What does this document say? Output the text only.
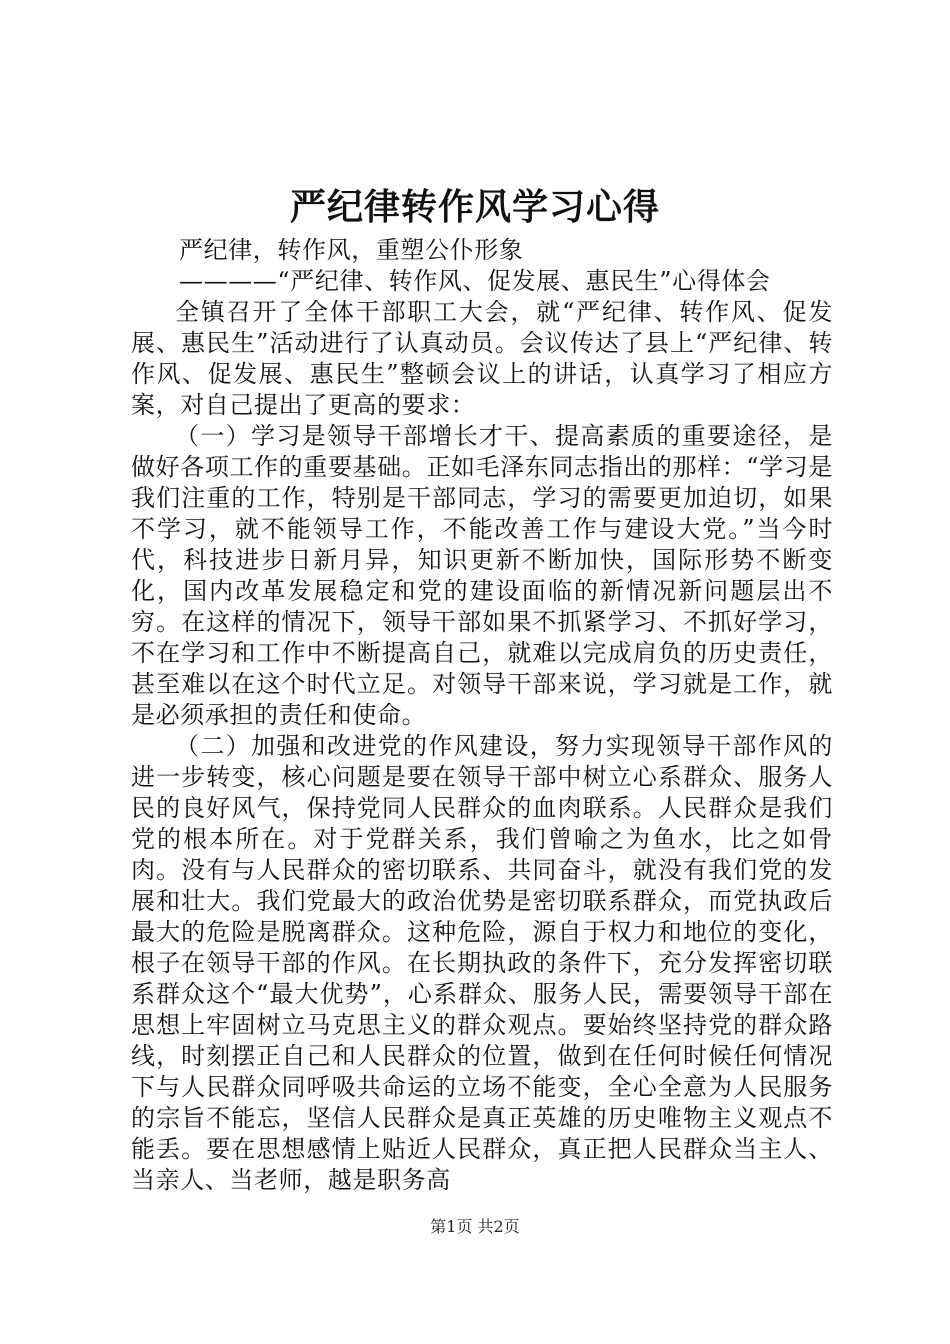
严纪律转作风学习心得

严纪律，转作风，重塑公仆形象

————“严纪律、转作风、促发展、惠民生”心得体会

全镇召开了全体干部职工大会，就“严纪律、转作风、促发展、惠民生”活动进行了认真动员。会议传达了县上“严纪律、转作风、促发展、惠民生”整顿会议上的讲话，认真学习了相应方案，对自己提出了更高的要求：

（一）学习是领导干部增长才干、提高素质的重要途径，是做好各项工作的重要基础。正如毛泽东同志指出的那样：“学习是我们注重的工作，特别是干部同志，学习的需要更加迫切，如果不学习，就不能领导工作，不能改善工作与建设大党。”当今时代，科技进步日新月异，知识更新不断加快，国际形势不断变化，国内改革发展稳定和党的建设面临的新情况新问题层出不穷。在这样的情况下，领导干部如果不抓紧学习、不抓好学习，不在学习和工作中不断提高自己，就难以完成肩负的历史责任，甚至难以在这个时代立足。对领导干部来说，学习就是工作，就是必须承担的责任和使命。

（二）加强和改进党的作风建设，努力实现领导干部作风的进一步转变，核心问题是要在领导干部中树立心系群众、服务人民的良好风气，保持党同人民群众的血肉联系。人民群众是我们党的根本所在。对于党群关系，我们曾喻之为鱼水，比之如骨肉。没有与人民群众的密切联系、共同奋斗，就没有我们党的发展和壮大。我们党最大的政治优势是密切联系群众，而党执政后最大的危险是脱离群众。这种危险，源自于权力和地位的变化，根子在领导干部的作风。在长期执政的条件下，充分发挥密切联系群众这个“最大优势”，心系群众、服务人民，需要领导干部在思想上牢固树立马克思主义的群众观点。要始终坚持党的群众路线，时刻摆正自己和人民群众的位置，做到在任何时候任何情况下与人民群众同呼吸共命运的立场不能变，全心全意为人民服务的宗旨不能忘，坚信人民群众是真正英雄的历史唯物主义观点不能丢。要在思想感情上贴近人民群众，真正把人民群众当主人、当亲人、当老师，越是职务高

第1页 共2页
